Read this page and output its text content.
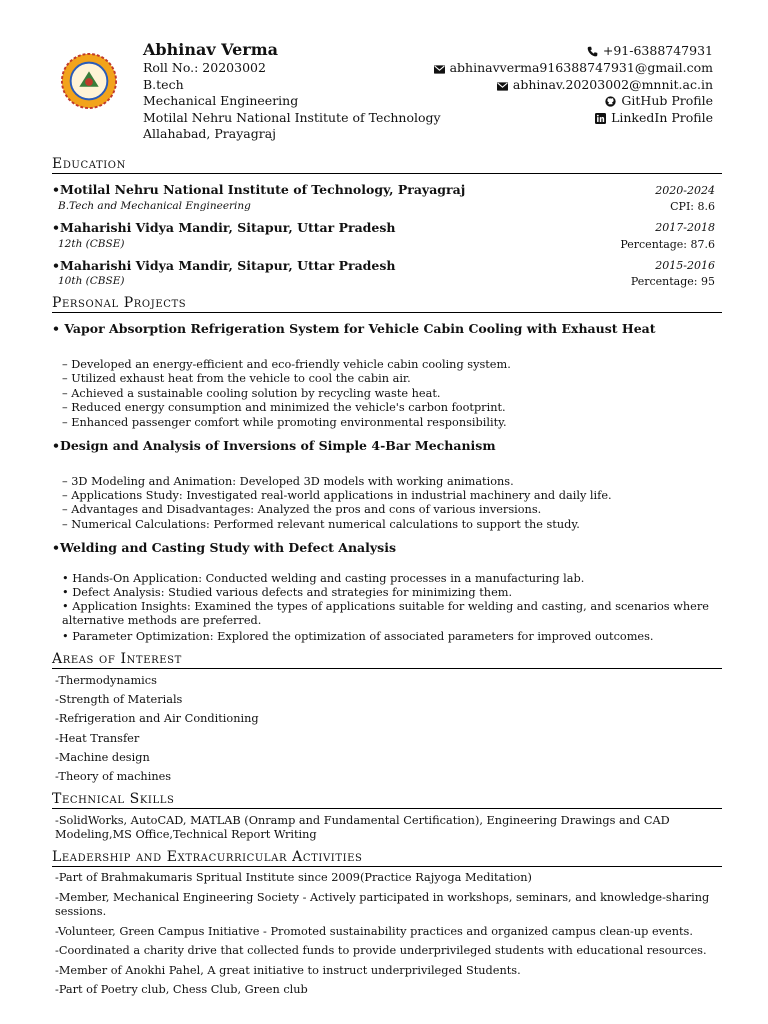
Abhinav Verma
Roll No.: 20203002
B.tech
Mechanical Engineering
Motilal Nehru National Institute of Technology
Allahabad, Prayagraj
+91-6388747931
abhinavverma916388747931@gmail.com
abhinav.20203002@mnnit.ac.in
GitHub Profile
LinkedIn Profile
Education
•Motilal Nehru National Institute of Technology, Prayagraj	2020-2024
B.Tech and Mechanical Engineering	CPI: 8.6
•Maharishi Vidya Mandir, Sitapur, Uttar Pradesh	2017-2018
12th (CBSE)	Percentage: 87.6
•Maharishi Vidya Mandir, Sitapur, Uttar Pradesh	2015-2016
10th (CBSE)	Percentage: 95
Personal Projects
• Vapor Absorption Refrigeration System for Vehicle Cabin Cooling with Exhaust Heat
– Developed an energy-efficient and eco-friendly vehicle cabin cooling system.
– Utilized exhaust heat from the vehicle to cool the cabin air.
– Achieved a sustainable cooling solution by recycling waste heat.
– Reduced energy consumption and minimized the vehicle's carbon footprint.
– Enhanced passenger comfort while promoting environmental responsibility.
•Design and Analysis of Inversions of Simple 4-Bar Mechanism
– 3D Modeling and Animation: Developed 3D models with working animations.
– Applications Study: Investigated real-world applications in industrial machinery and daily life.
– Advantages and Disadvantages: Analyzed the pros and cons of various inversions.
– Numerical Calculations: Performed relevant numerical calculations to support the study.
•Welding and Casting Study with Defect Analysis
• Hands-On Application: Conducted welding and casting processes in a manufacturing lab.
• Defect Analysis: Studied various defects and strategies for minimizing them.
• Application Insights: Examined the types of applications suitable for welding and casting, and scenarios where alternative methods are preferred.
• Parameter Optimization: Explored the optimization of associated parameters for improved outcomes.
Areas of Interest
-Thermodynamics
-Strength of Materials
-Refrigeration and Air Conditioning
-Heat Transfer
-Machine design
-Theory of machines
Technical Skills
-SolidWorks, AutoCAD, MATLAB (Onramp and Fundamental Certification), Engineering Drawings and CAD Modeling,MS Office,Technical Report Writing
Leadership and Extracurricular Activities
-Part of Brahmakumaris Spritual Institute since 2009(Practice Rajyoga Meditation)
-Member, Mechanical Engineering Society - Actively participated in workshops, seminars, and knowledge-sharing sessions.
-Volunteer, Green Campus Initiative - Promoted sustainability practices and organized campus clean-up events.
-Coordinated a charity drive that collected funds to provide underprivileged students with educational resources.
-Member of Anokhi Pahel, A great initiative to instruct underprivileged Students.
-Part of Poetry club, Chess Club, Green club
